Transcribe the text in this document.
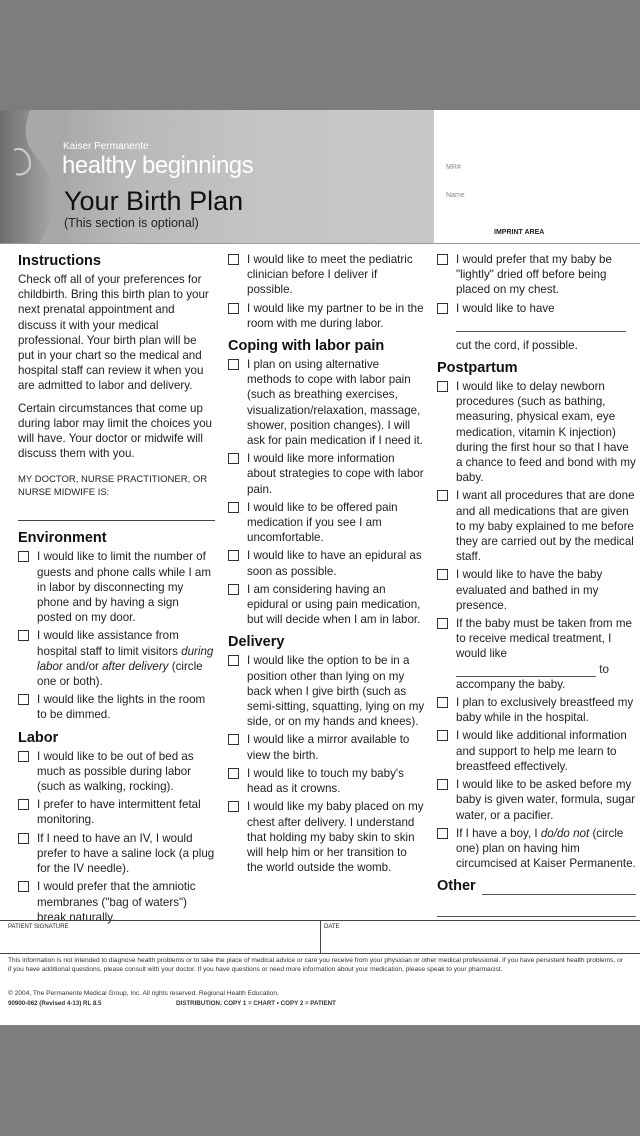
Kaiser Permanente
healthy beginnings
Your Birth Plan
(This section is optional)
MR#
Name
IMPRINT AREA
Instructions

Check off all of your preferences for childbirth. Bring this birth plan to your next prenatal appointment and discuss it with your medical professional. Your birth plan will be put in your chart so the medical and hospital staff can review it when you are admitted to labor and delivery.

Certain circumstances that come up during labor may limit the choices you will have. Your doctor or midwife will discuss them with you.

MY DOCTOR, NURSE PRACTITIONER, OR NURSE MIDWIFE IS:

Environment
I would like to limit the number of guests and phone calls while I am in labor by disconnecting my phone and by having a sign posted on my door.
I would like assistance from hospital staff to limit visitors during labor and/or after delivery (circle one or both).
I would like the lights in the room to be dimmed.
Labor
I would like to be out of bed as much as possible during labor (such as walking, rocking).
I prefer to have intermittent fetal monitoring.
If I need to have an IV, I would prefer to have a saline lock (a plug for the IV needle).
I would prefer that the amniotic membranes ("bag of waters") break naturally.
I would like to meet the pediatric clinician before I deliver if possible.
I would like my partner to be in the room with me during labor.
Coping with labor pain
I plan on using alternative methods to cope with labor pain (such as breathing exercises, visualization/relaxation, massage, shower, position changes). I will ask for pain medication if I need it.
I would like more information about strategies to cope with labor pain.
I would like to be offered pain medication if you see I am uncomfortable.
I would like to have an epidural as soon as possible.
I am considering having an epidural or using pain medication, but will decide when I am in labor.
Delivery
I would like the option to be in a position other than lying on my back when I give birth (such as semi-sitting, squatting, lying on my side, or on my hands and knees).
I would like a mirror available to view the birth.
I would like to touch my baby's head as it crowns.
I would like my baby placed on my chest after delivery. I understand that holding my baby skin to skin will help him or her transition to the world outside the womb.
I would prefer that my baby be "lightly" dried off before being placed on my chest.
I would like to have
cut the cord, if possible.
Postpartum
I would like to delay newborn procedures (such as bathing, measuring, physical exam, eye medication, vitamin K injection) during the first hour so that I have a chance to feed and bond with my baby.
I want all procedures that are done and all medications that are given to my baby explained to me before they are carried out by the medical staff.
I would like to have the baby evaluated and bathed in my presence.
If the baby must be taken from me to receive medical treatment, I would like  to
accompany the baby.
I plan to exclusively breastfeed my baby while in the hospital.
I would like additional information and support to help me learn to breastfeed effectively.
I would like to be asked before my baby is given water, formula, sugar water, or a pacifier.
If I have a boy, I do/do not (circle one) plan on having him circumcised at Kaiser Permanente.
Other
PATIENT SIGNATURE	DATE
This information is not intended to diagnose health problems or to take the place of medical advice or care you receive from your physician or other medical professional. If you have persistent health problems, or if you have additional questions, please consult with your doctor. If you have questions or need more information about your medication, please speak to your pharmacist.
© 2004, The Permanente Medical Group, Inc. All rights reserved. Regional Health Education.
90900-062 (Revised 4-13) RL 8.5	DISTRIBUTION: COPY 1 = CHART • COPY 2 = PATIENT
